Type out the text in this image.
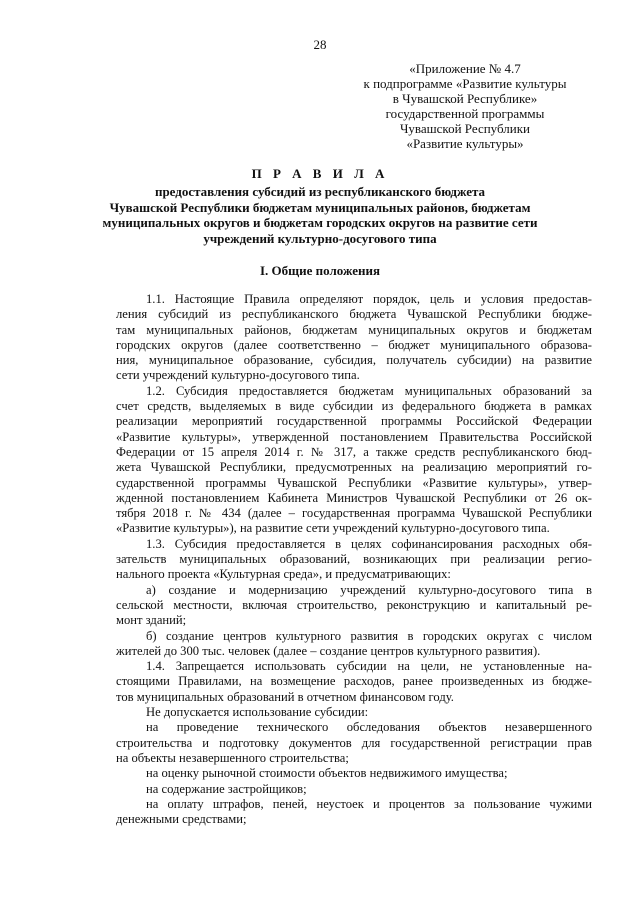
28
«Приложение № 4.7
к подпрограмме «Развитие культуры
в Чувашской Республике»
государственной программы
Чувашской Республики
«Развитие культуры»
П Р А В И Л А
предоставления субсидий из республиканского бюджета
Чувашской Республики бюджетам муниципальных районов, бюджетам
муниципальных округов и бюджетам городских округов на развитие сети
учреждений культурно-досугового типа
I. Общие положения
1.1. Настоящие Правила определяют порядок, цель и условия предостав-
ления субсидий из республиканского бюджета Чувашской Республики бюдже-
там муниципальных районов, бюджетам муниципальных округов и бюджетам
городских округов (далее соответственно – бюджет муниципального образова-
ния, муниципальное образование, субсидия, получатель субсидии) на развитие
сети учреждений культурно-досугового типа.
1.2. Субсидия предоставляется бюджетам муниципальных образований за
счет средств, выделяемых в виде субсидии из федерального бюджета в рамках
реализации мероприятий государственной программы Российской Федерации
«Развитие культуры», утвержденной постановлением Правительства Российской
Федерации от 15 апреля 2014 г. № 317, а также средств республиканского бюд-
жета Чувашской Республики, предусмотренных на реализацию мероприятий го-
сударственной программы Чувашской Республики «Развитие культуры», утвер-
жденной постановлением Кабинета Министров Чувашской Республики от 26 ок-
тября 2018 г. № 434 (далее – государственная программа Чувашской Республики
«Развитие культуры»), на развитие сети учреждений культурно-досугового типа.
1.3. Субсидия предоставляется в целях софинансирования расходных обя-
зательств муниципальных образований, возникающих при реализации регио-
нального проекта «Культурная среда», и предусматривающих:
а) создание и модернизацию учреждений культурно-досугового типа в
сельской местности, включая строительство, реконструкцию и капитальный ре-
монт зданий;
б) создание центров культурного развития в городских округах с числом
жителей до 300 тыс. человек (далее – создание центров культурного развития).
1.4. Запрещается использовать субсидии на цели, не установленные на-
стоящими Правилами, на возмещение расходов, ранее произведенных из бюдже-
тов муниципальных образований в отчетном финансовом году.
Не допускается использование субсидии:
на проведение технического обследования объектов незавершенного
строительства и подготовку документов для государственной регистрации прав
на объекты незавершенного строительства;
на оценку рыночной стоимости объектов недвижимого имущества;
на содержание застройщиков;
на оплату штрафов, пеней, неустоек и процентов за пользование чужими
денежными средствами;
